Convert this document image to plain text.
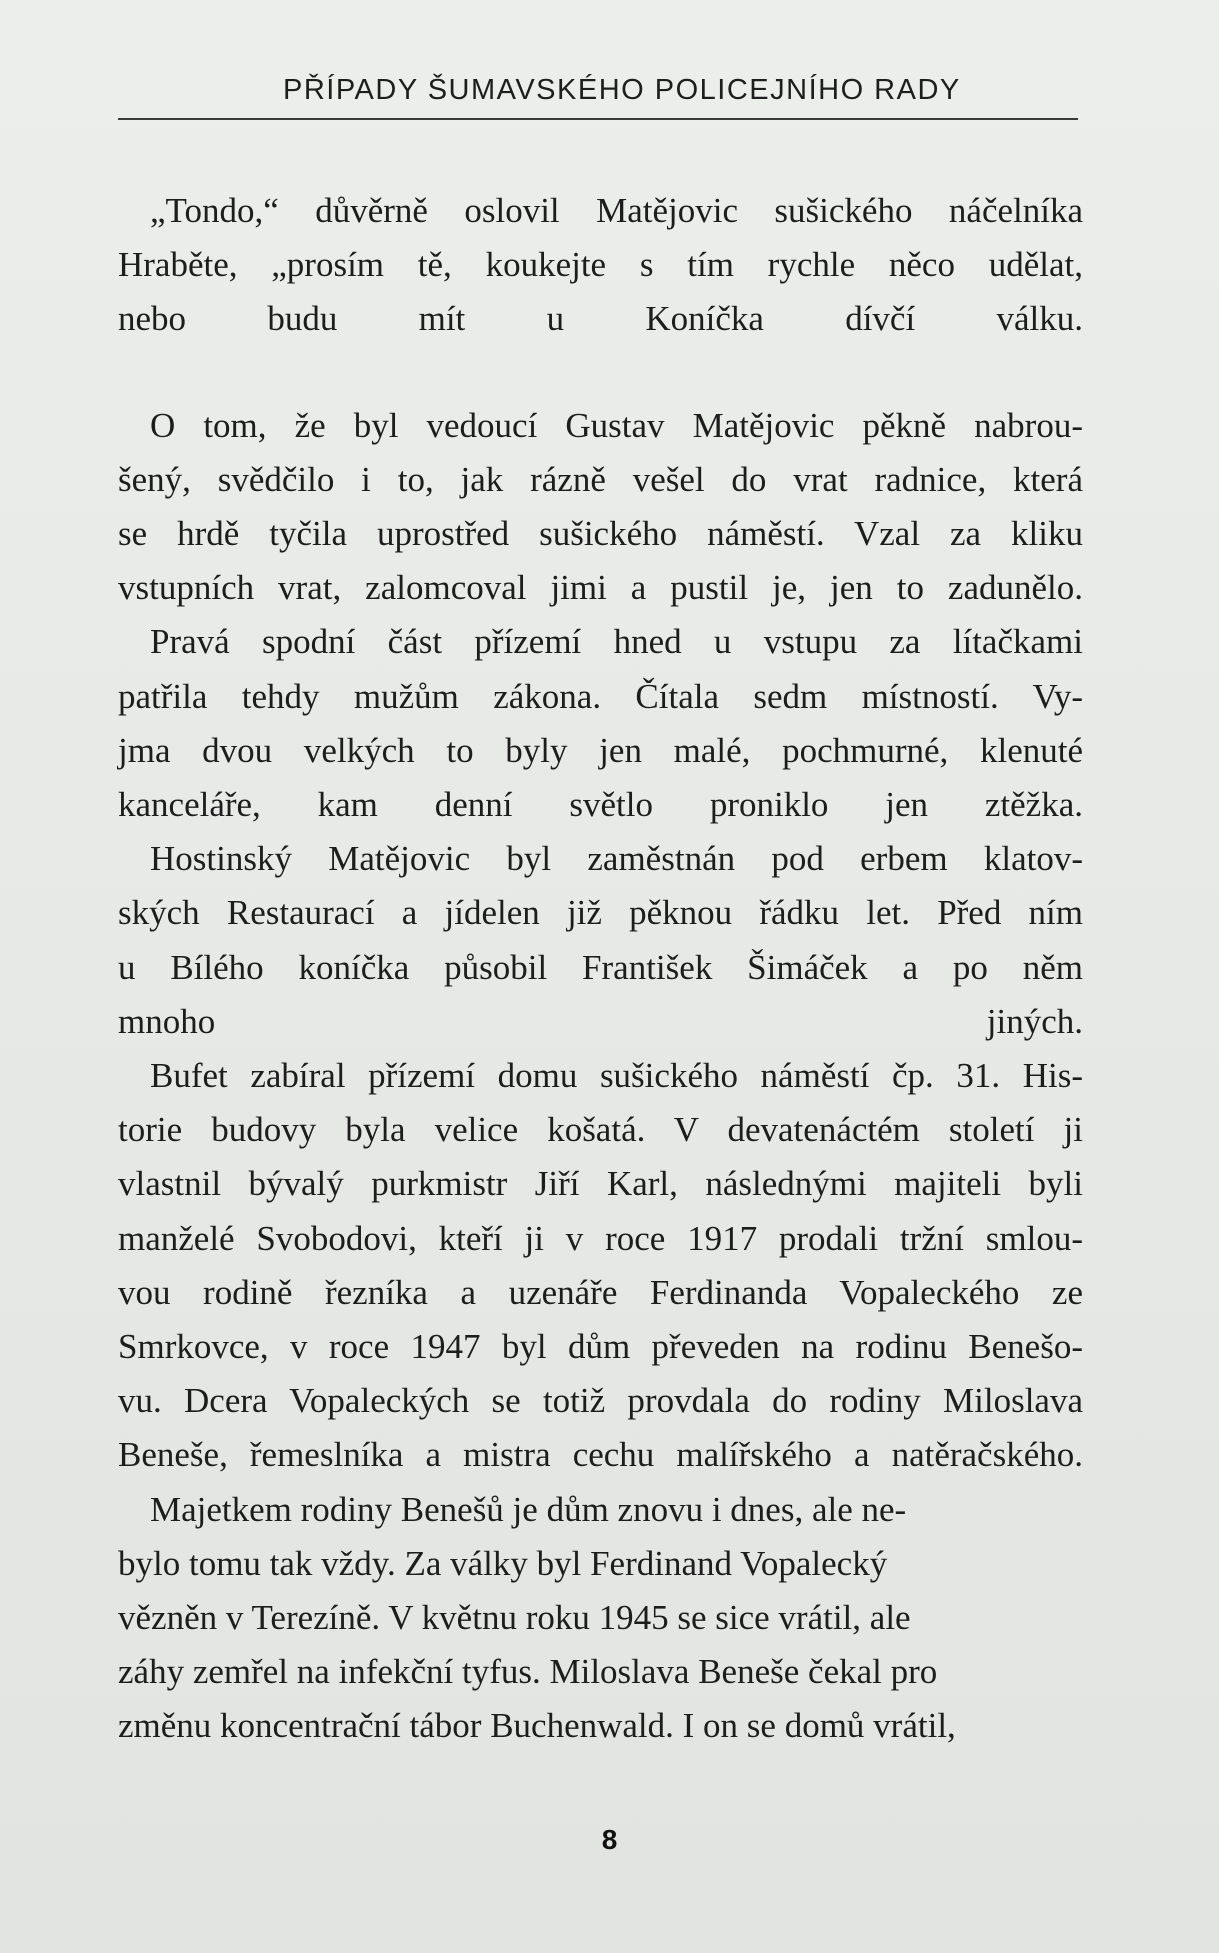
PŘÍPADY ŠUMAVSKÉHO POLICEJNÍHO RADY

„Tondo,“ důvěrně oslovil Matějovic sušického náčelníka
Hraběte, „prosím tě, koukejte s tím rychle něco udělat,
nebo budu mít u Koníčka dívčí válku.

O tom, že byl vedoucí Gustav Matějovic pěkně nabrou-
šený, svědčilo i to, jak rázně vešel do vrat radnice, která
se hrdě tyčila uprostřed sušického náměstí. Vzal za kliku
vstupních vrat, zalomcoval jimi a pustil je, jen to zadunělo.

Pravá spodní část přízemí hned u vstupu za lítačkami
patřila tehdy mužům zákona. Čítala sedm místností. Vy-
jma dvou velkých to byly jen malé, pochmurné, klenuté
kanceláře, kam denní světlo proniklo jen ztěžka.

Hostinský Matějovic byl zaměstnán pod erbem klatov-
ských Restaurací a jídelen již pěknou řádku let. Před ním
u Bílého koníčka působil František Šimáček a po něm
mnoho jiných.

Bufet zabíral přízemí domu sušického náměstí čp. 31. His-
torie budovy byla velice košatá. V devatenáctém století ji
vlastnil bývalý purkmistr Jiří Karl, následnými majiteli byli
manželé Svobodovi, kteří ji v roce 1917 prodali tržní smlou-
vou rodině řezníka a uzenáře Ferdinanda Vopaleckého ze
Smrkovce, v roce 1947 byl dům převeden na rodinu Benešo-
vu. Dcera Vopaleckých se totiž provdala do rodiny Miloslava
Beneše, řemeslníka a mistra cechu malířského a natěračského.

Majetkem rodiny Benešů je dům znovu i dnes, ale ne-
bylo tomu tak vždy. Za války byl Ferdinand Vopalecký
vězněn v Terezíně. V květnu roku 1945 se sice vrátil, ale
záhy zemřel na infekční tyfus. Miloslava Beneše čekal pro
změnu koncentrační tábor Buchenwald. I on se domů vrátil,

8
